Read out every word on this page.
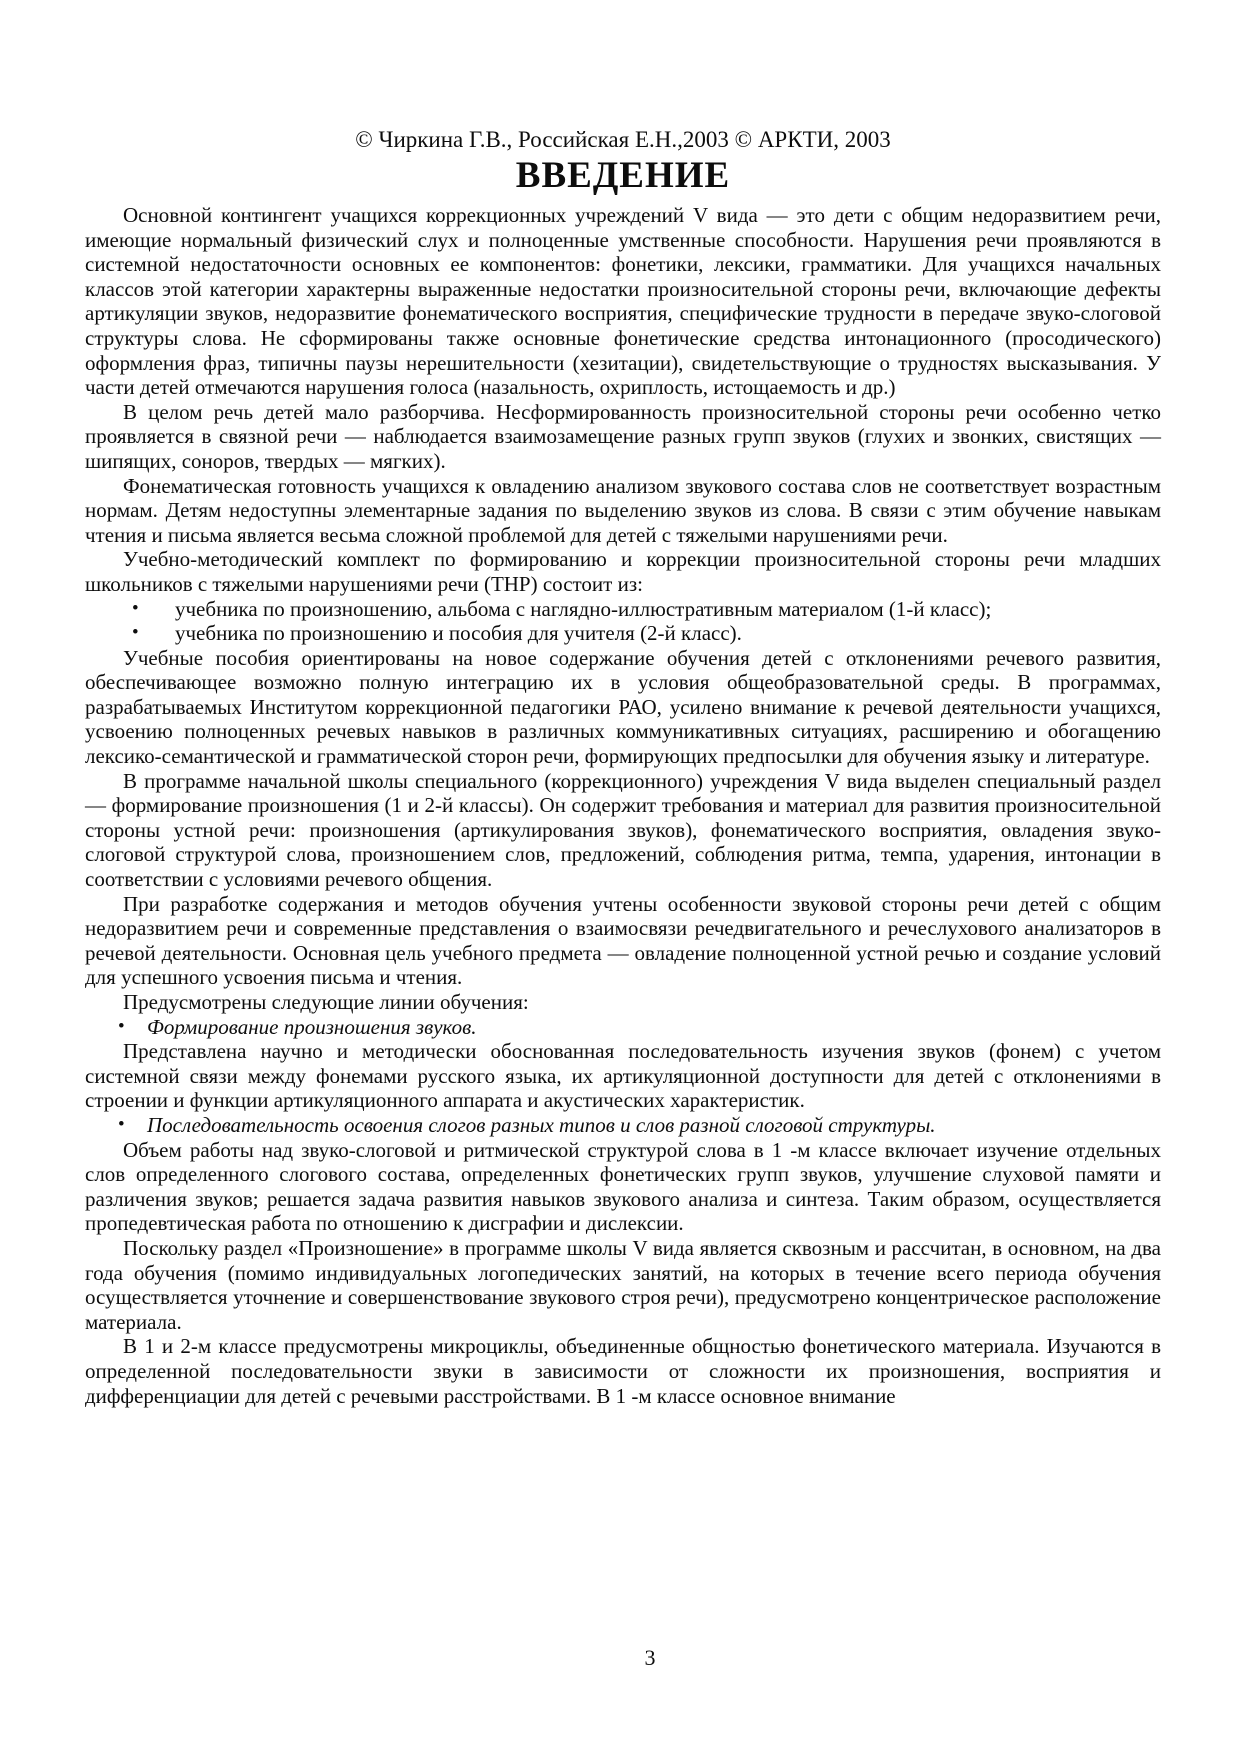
© Чиркина Г.В., Российская Е.Н.,2003 © АРКТИ, 2003
ВВЕДЕНИЕ

Основной контингент учащихся коррекционных учреждений V вида — это дети с общим недоразвитием речи, имеющие нормальный физический слух и полноценные умственные способности. Нарушения речи проявляются в системной недостаточности основных ее компонентов: фонетики, лексики, грамматики. Для учащихся начальных классов этой категории характерны выраженные недостатки произносительной стороны речи, включающие дефекты артикуляции звуков, недоразвитие фонематического восприятия, специфические трудности в передаче звуко-слоговой структуры слова. Не сформированы также основные фонетические средства интонационного (просодического) оформления фраз, типичны паузы нерешительности (хезитации), свидетельствующие о трудностях высказывания. У части детей отмечаются нарушения голоса (назальность, охриплость, истощаемость и др.)

В целом речь детей мало разборчива. Несформированность произносительной стороны речи особенно четко проявляется в связной речи — наблюдается взаимозамещение разных групп звуков (глухих и звонких, свистящих — шипящих, соноров, твердых — мягких).

Фонематическая готовность учащихся к овладению анализом звукового состава слов не соответствует возрастным нормам. Детям недоступны элементарные задания по выделению звуков из слова. В связи с этим обучение навыкам чтения и письма является весьма сложной проблемой для детей с тяжелыми нарушениями речи.

Учебно-методический комплект по формированию и коррекции произносительной стороны речи младших школьников с тяжелыми нарушениями речи (ТНР) состоит из:

• учебника по произношению, альбома с наглядно-иллюстративным материалом (1-й класс);
• учебника по произношению и пособия для учителя (2-й класс).

Учебные пособия ориентированы на новое содержание обучения детей с отклонениями речевого развития, обеспечивающее возможно полную интеграцию их в условия общеобразовательной среды. В программах, разрабатываемых Институтом коррекционной педагогики РАО, усилено внимание к речевой деятельности учащихся, усвоению полноценных речевых навыков в различных коммуникативных ситуациях, расширению и обогащению лексико-семантической и грамматической сторон речи, формирующих предпосылки для обучения языку и литературе.

В программе начальной школы специального (коррекционного) учреждения V вида выделен специальный раздел — формирование произношения (1 и 2-й классы). Он содержит требования и материал для развития произносительной стороны устной речи: произношения (артикулирования звуков), фонематического восприятия, овладения звуко-слоговой структурой слова, произношением слов, предложений, соблюдения ритма, темпа, ударения, интонации в соответствии с условиями речевого общения.

При разработке содержания и методов обучения учтены особенности звуковой стороны речи детей с общим недоразвитием речи и современные представления о взаимосвязи речедвигательного и речеслухового анализаторов в речевой деятельности. Основная цель учебного предмета — овладение полноценной устной речью и создание условий для успешного усвоения письма и чтения.

Предусмотрены следующие линии обучения:

• Формирование произношения звуков.

Представлена научно и методически обоснованная последовательность изучения звуков (фонем) с учетом системной связи между фонемами русского языка, их артикуляционной доступности для детей с отклонениями в строении и функции артикуляционного аппарата и акустических характеристик.

• Последовательность освоения слогов разных типов и слов разной слоговой структуры.

Объем работы над звуко-слоговой и ритмической структурой слова в 1 -м классе включает изучение отдельных слов определенного слогового состава, определенных фонетических групп звуков, улучшение слуховой памяти и различения звуков; решается задача развития навыков звукового анализа и синтеза. Таким образом, осуществляется пропедевтическая работа по отношению к дисграфии и дислексии.

Поскольку раздел «Произношение» в программе школы V вида является сквозным и рассчитан, в основном, на два года обучения (помимо индивидуальных логопедических занятий, на которых в течение всего периода обучения осуществляется уточнение и совершенствование звукового строя речи), предусмотрено концентрическое расположение материала.

В 1 и 2-м классе предусмотрены микроциклы, объединенные общностью фонетического материала. Изучаются в определенной последовательности звуки в зависимости от сложности их произношения, восприятия и дифференциации для детей с речевыми расстройствами. В 1 -м классе основное внимание

3
